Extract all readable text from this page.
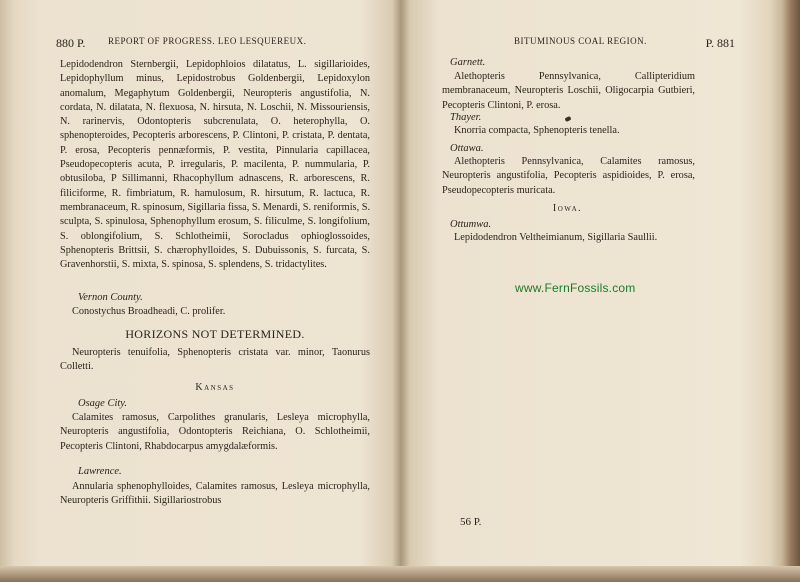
880 P.	REPORT OF PROGRESS. LEO LESQUEREUX.

Lepidodendron Sternbergii, Lepidophloios dilatatus, L. sigillarioides, Lepidophyllum minus, Lepidostrobus Goldenbergii, Lepidoxylon anomalum, Megaphytum Goldenbergii, Neuropteris angustifolia, N. cordata, N. dilatata, N. flexuosa, N. hirsuta, N. Loschii, N. Missouriensis, N. rarinervis, Odontopteris subcrenulata, O. heterophylla, O. sphenopteroides, Pecopteris arborescens, P. Clintoni, P. cristata, P. dentata, P. erosa, Pecopteris pennæformis, P. vestita, Pinnularia capillacea, Pseudopecopteris acuta, P. irregularis, P. macilenta, P. nummularia, P. obtusiloba, P Sillimanni, Rhacophyllum adnascens, R. arborescens, R. filiciforme, R. fimbriatum, R. hamulosum, R. hirsutum, R. lactuca, R. membranaceum, R. spinosum, Sigillaria fissa, S. Menardi, S. reniformis, S. sculpta, S. spinulosa, Sphenophyllum erosum, S. filiculme, S. longifolium, S. oblongifolium, S. Schlotheimii, Sorocladus ophioglossoides, Sphenopteris Brittsii, S. chærophylloides, S. Dubuissonis, S. furcata, S. Gravenhorstii, S. mixta, S. spinosa, S. splendens, S. tridactylites.

Vernon County.

Conostychus Broadheadi, C. prolifer.

HORIZONS NOT DETERMINED.

Neuropteris tenuifolia, Sphenopteris cristata var. minor, Taonurus Colletti.

Kansas
Osage City.

Calamites ramosus, Carpolithes granularis, Lesleya microphylla, Neuropteris angustifolia, Odontopteris Reichiana, O. Schlotheimii, Pecopteris Clintoni, Rhabdocarpus amygdalæformis.

Lawrence.

Annularia sphenophylloides, Calamites ramosus, Lesleya microphylla, Neuropteris Griffithii. Sigillariostrobus

BITUMINOUS COAL REGION.	P. 881
Garnett.

Alethopteris Pennsylvanica, Callipteridium membranaceum, Neuropteris Loschii, Oligocarpia Gutbieri, Pecopteris Clintoni, P. erosa.

Thayer.

Knorria compacta, Sphenopteris tenella.

Ottawa.

Alethopteris Pennsylvanica, Calamites ramosus, Neuropteris angustifolia, Pecopteris aspidioides, P. erosa, Pseudopecopteris muricata.

Iowa.
Ottumwa.

Lepidodendron Veltheimianum, Sigillaria Saullii.

56 P.
www.FernFossils.com
